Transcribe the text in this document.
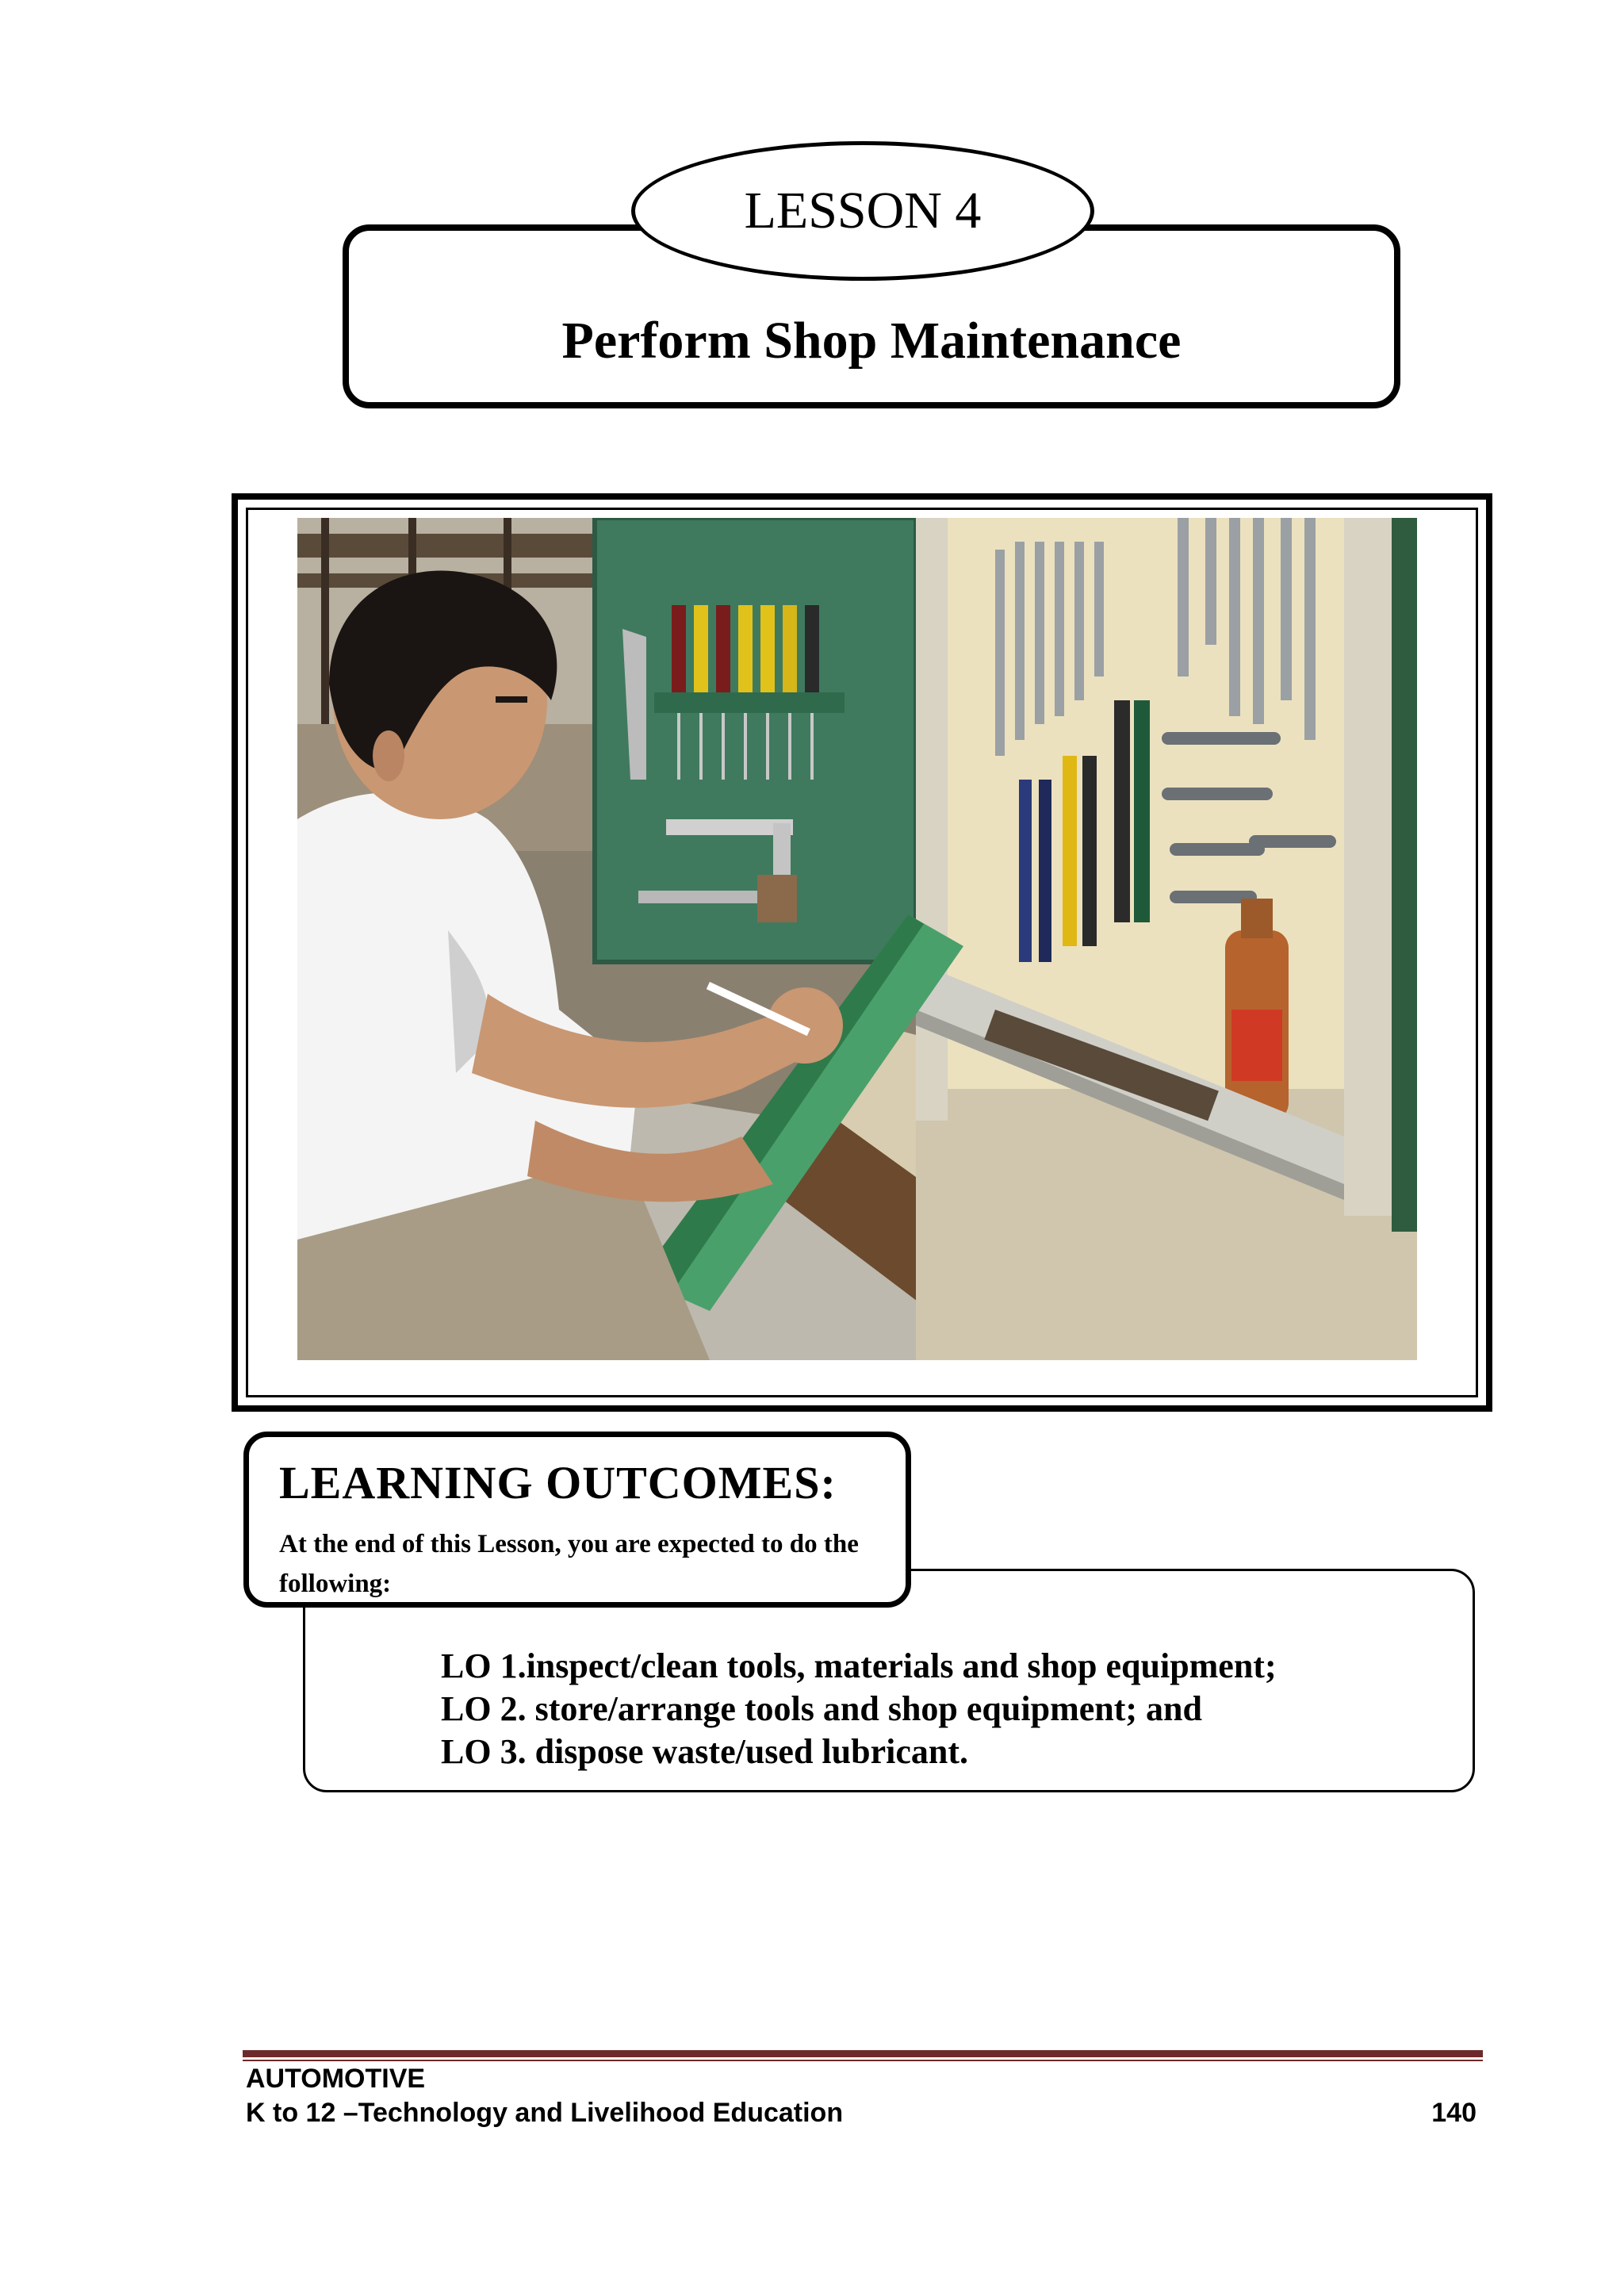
Perform Shop Maintenance
LESSON 4
LO 1.inspect/clean tools, materials and shop equipment;
LO 2. store/arrange tools and shop equipment; and
LO 3. dispose waste/used lubricant.
LEARNING OUTCOMES:
At the end of this Lesson, you are expected to do the following:
AUTOMOTIVE
K to 12 –Technology and Livelihood Education	140
